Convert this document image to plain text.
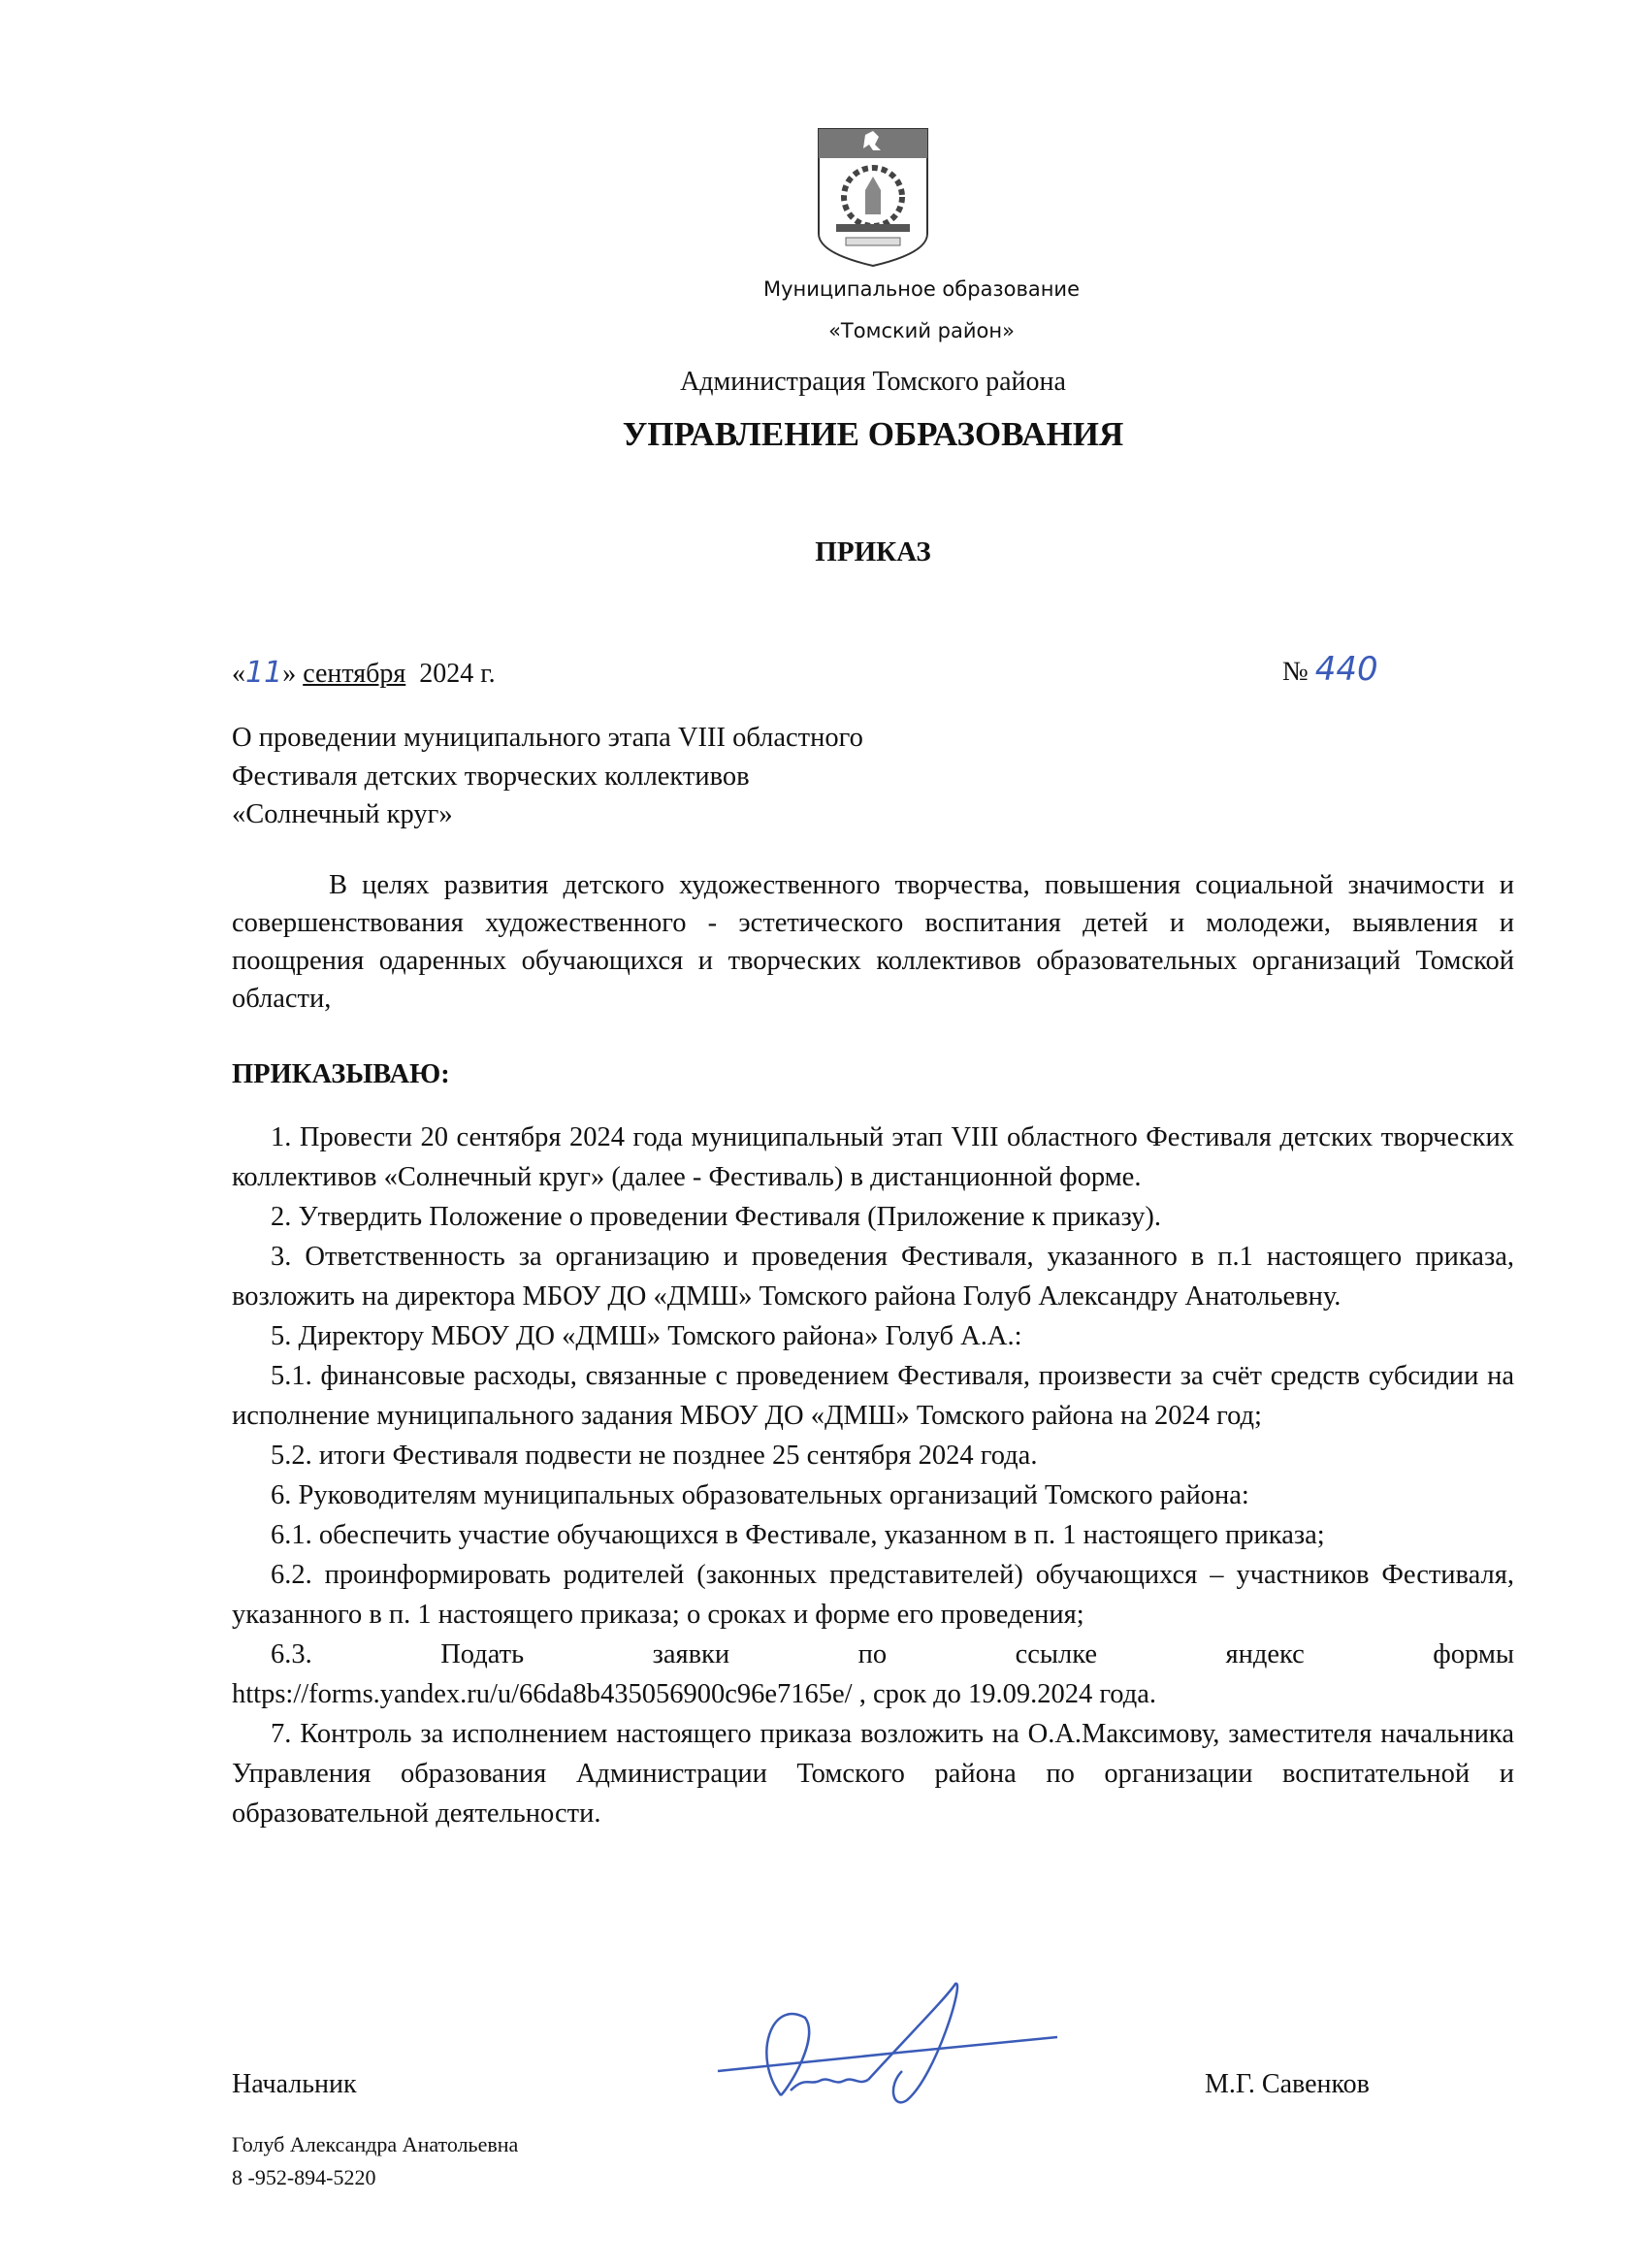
Муниципальное образование
«Томский район»
Администрация Томского района
УПРАВЛЕНИЕ ОБРАЗОВАНИЯ
ПРИКАЗ
«11» сентября 2024 г.	№ 440
О проведении муниципального этапа VIII областного
Фестиваля детских творческих коллективов
«Солнечный круг»

В целях развития детского художественного творчества, повышения социальной значимости и совершенствования художественного - эстетического воспитания детей и молодежи, выявления и поощрения одаренных обучающихся и творческих коллективов образовательных организаций Томской области,

ПРИКАЗЫВАЮ:

1. Провести 20 сентября 2024 года муниципальный этап VIII областного Фестиваля детских творческих коллективов «Солнечный круг» (далее - Фестиваль) в дистанционной форме.

2. Утвердить Положение о проведении Фестиваля (Приложение к приказу).

3. Ответственность за организацию и проведения Фестиваля, указанного в п.1 настоящего приказа, возложить на директора МБОУ ДО «ДМШ» Томского района Голуб Александру Анатольевну.

5. Директору МБОУ ДО «ДМШ» Томского района» Голуб А.А.:

5.1. финансовые расходы, связанные с проведением Фестиваля, произвести за счёт средств субсидии на исполнение муниципального задания МБОУ ДО «ДМШ» Томского района на 2024 год;

5.2. итоги Фестиваля подвести не позднее 25 сентября 2024 года.

6. Руководителям муниципальных образовательных организаций Томского района:

6.1. обеспечить участие обучающихся в Фестивале, указанном в п. 1 настоящего приказа;

6.2. проинформировать родителей (законных представителей) обучающихся – участников Фестиваля, указанного в п. 1 настоящего приказа; о сроках и форме его проведения;

6.3. Подать заявки по ссылке яндекс формы

https://forms.yandex.ru/u/66da8b435056900c96e7165e/ , срок до 19.09.2024 года.

7. Контроль за исполнением настоящего приказа возложить на О.А.Максимову, заместителя начальника Управления образования Администрации Томского района по организации воспитательной и образовательной деятельности.

Начальник	М.Г. Савенков
Голуб Александра Анатольевна
8 -952-894-5220
